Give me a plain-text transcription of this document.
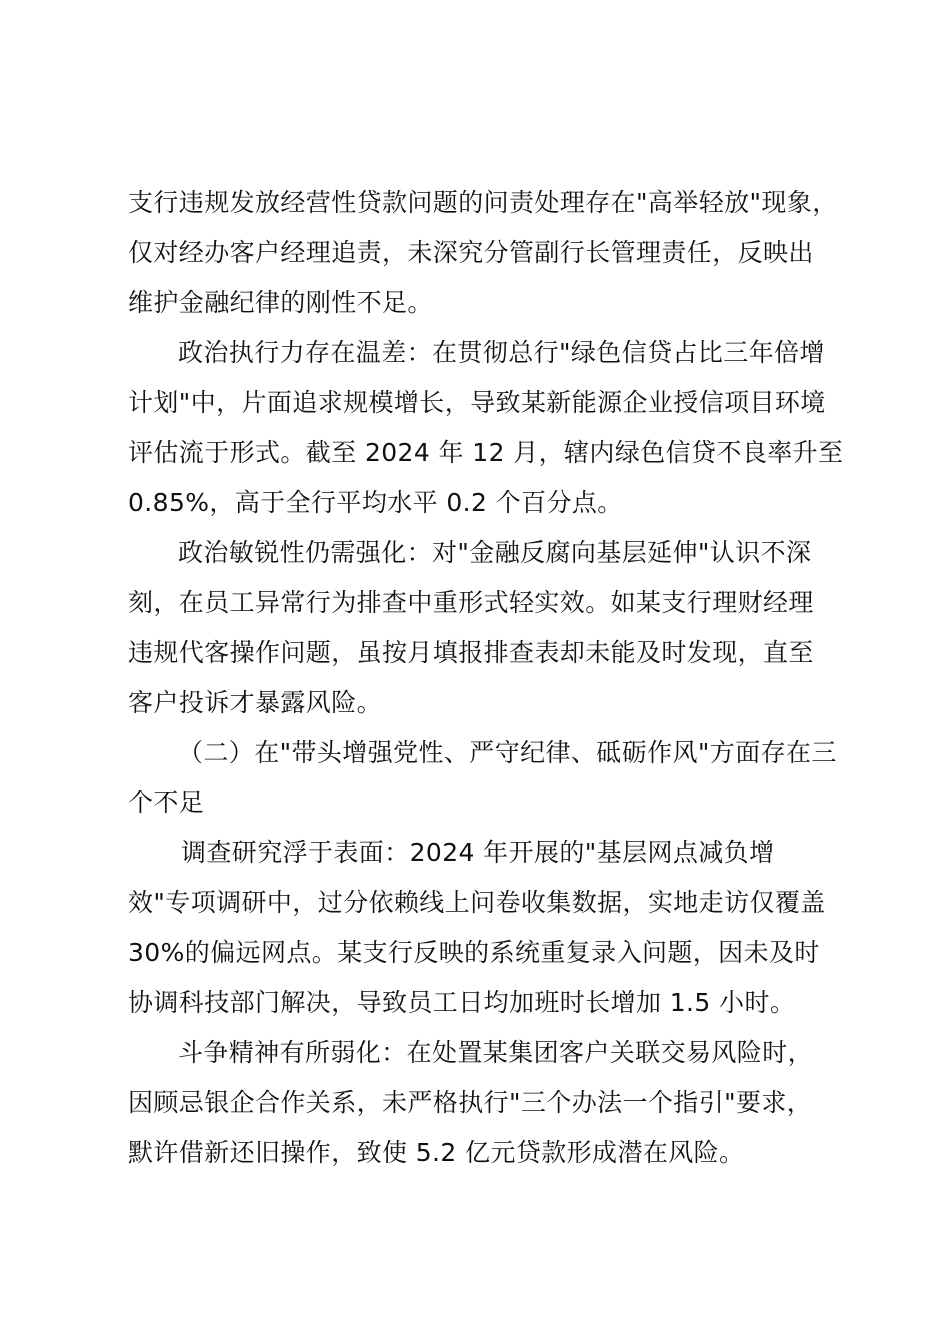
支行违规发放经营性贷款问题的问责处理存在"高举轻放"现象，
仅对经办客户经理追责，未深究分管副行长管理责任，反映出
维护金融纪律的刚性不足。
政治执行力存在温差：在贯彻总行"绿色信贷占比三年倍增
计划"中，片面追求规模增长，导致某新能源企业授信项目环境
评估流于形式。截至 2024 年 12 月，辖内绿色信贷不良率升至
0.85%，高于全行平均水平 0.2 个百分点。
政治敏锐性仍需强化：对"金融反腐向基层延伸"认识不深
刻，在员工异常行为排查中重形式轻实效。如某支行理财经理
违规代客操作问题，虽按月填报排查表却未能及时发现，直至
客户投诉才暴露风险。
（二）在"带头增强党性、严守纪律、砥砺作风"方面存在三
个不足
调查研究浮于表面：2024 年开展的"基层网点减负增
效"专项调研中，过分依赖线上问卷收集数据，实地走访仅覆盖
30%的偏远网点。某支行反映的系统重复录入问题，因未及时
协调科技部门解决，导致员工日均加班时长增加 1.5 小时。
斗争精神有所弱化：在处置某集团客户关联交易风险时，
因顾忌银企合作关系，未严格执行"三个办法一个指引"要求，
默许借新还旧操作，致使 5.2 亿元贷款形成潜在风险。
